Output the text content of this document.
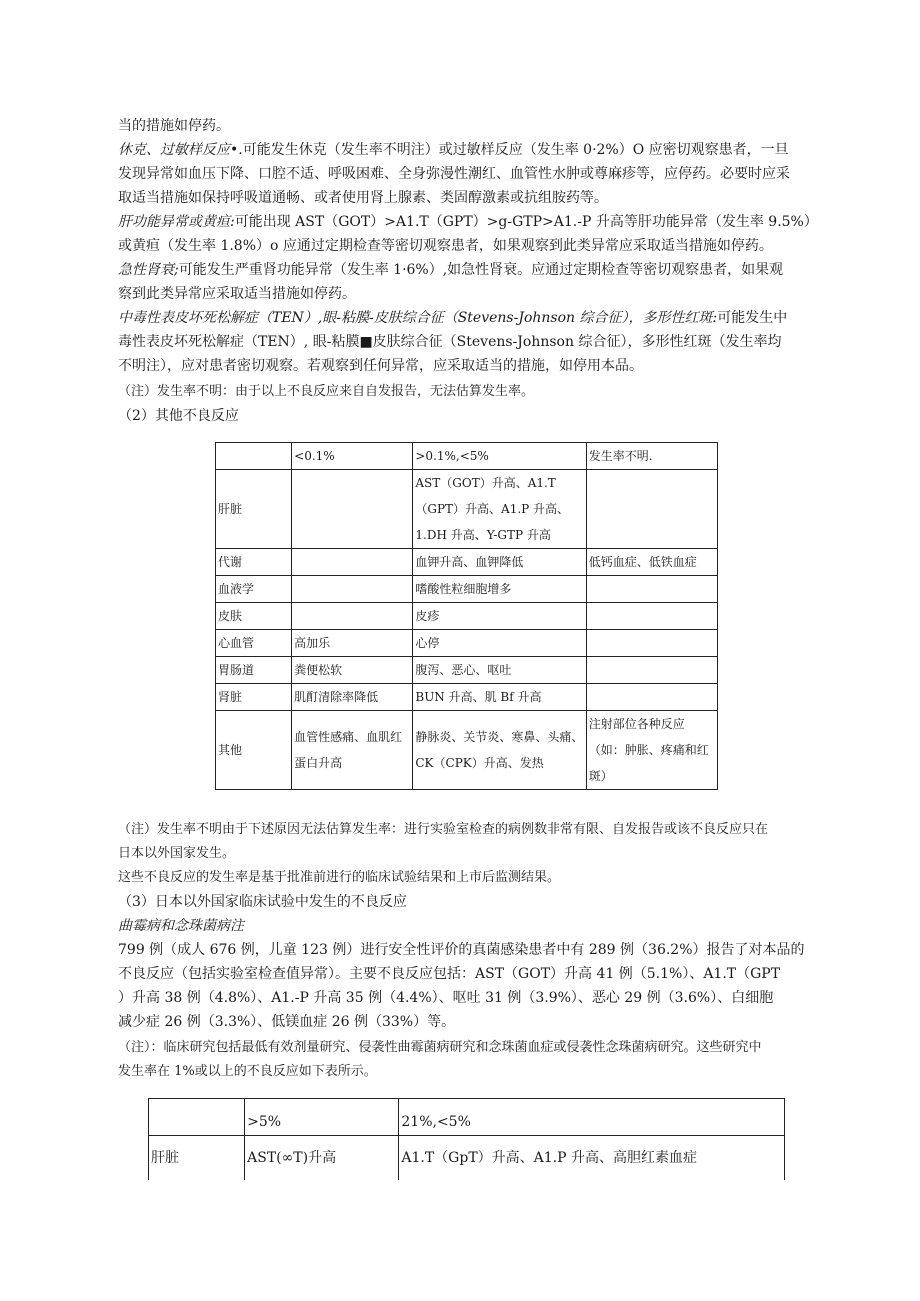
当的措施如停药。
休克、过敏样反应•.可能发生休克（发生率不明注）或过敏样反应（发生率 0·2%）O 应密切观察患者，一旦
发现异常如血压下降、口腔不适、呼吸困难、全身弥漫性潮红、血管性水肿或尊麻疹等，应停药。必要时应采
取适当措施如保持呼吸道通畅、或者使用肾上腺素、类固醇激素或抗组胺药等。
肝功能异常或黄疸:可能出现 AST（GOT）>A1.T（GPT）>g-GTP>A1.-P 升高等肝功能异常（发生率 9.5%）
或黄疸（发生率 1.8%）o 应通过定期检查等密切观察患者，如果观察到此类异常应采取适当措施如停药。
急性肾衰;可能发生严重肾功能异常（发生率 1·6%）,如急性肾衰。应通过定期检查等密切观察患者，如果观
察到此类异常应采取适当措施如停药。
中毒性表皮坏死松解症（TEN）,眼-粘膜-皮肤综合征（Stevens-Johnson 综合征），多形性红斑:可能发生中
毒性表皮坏死松解症（TEN）, 眼-粘膜■皮肤综合征（Stevens-Johnson 综合征），多形性红斑（发生率均
不明注），应对患者密切观察。若观察到任何异常，应采取适当的措施，如停用本品。
（注）发生率不明：由于以上不良反应来自自发报告，无法估算发生率。
（2）其他不良反应
	<0.1%	>0.1%,<5%	发生率不明.
肝脏		AST（GOT）升高、A1.T（GPT）升高、A1.P 升高、1.DH 升高、Y-GTP 升高	
代谢		血钾升高、血钾降低	低钙血症、低铁血症
血液学		嗜酸性粒细胞增多	
皮肤		皮疹	
心血管	高加乐	心停	
胃肠道	粪便松软	腹泻、恶心、呕吐	
肾脏	肌酊清除率降低	BUN 升高、肌 Bf 升高	
其他	血管性感痛、血肌红蛋白升高	静脉炎、关节炎、寒鼻、头痛、CK（CPK）升高、发热	注射部位各种反应（如：肿胀、疼痛和红斑）
（注）发生率不明由于下述原因无法估算发生率：进行实验室检查的病例数非常有限、自发报告或该不良反应只在
日本以外国家发生。
这些不良反应的发生率是基于批准前进行的临床试验结果和上市后监测结果。
（3）日本以外国家临床试验中发生的不良反应
曲霉病和念珠菌病注
799 例（成人 676 例，儿童 123 例）进行安全性评价的真菌感染患者中有 289 例（36.2%）报告了对本品的
不良反应（包括实验室检查值异常）。主要不良反应包括：AST（GOT）升高 41 例（5.1%）、A1.T（GPT
）升高 38 例（4.8%）、A1.-P 升高 35 例（4.4%）、呕吐 31 例（3.9%）、恶心 29 例（3.6%）、白细胞
减少症 26 例（3.3%）、低镁血症 26 例（33%）等。
（注）：临床研究包括最低有效剂量研究、侵袭性曲霉菌病研究和念珠菌血症或侵袭性念珠菌病研究。这些研究中
发生率在 1%或以上的不良反应如下表所示。
	>5%	21%,<5%
肝脏	AST(∞T)升高	A1.T（GpT）升高、A1.P 升高、高胆红素血症
